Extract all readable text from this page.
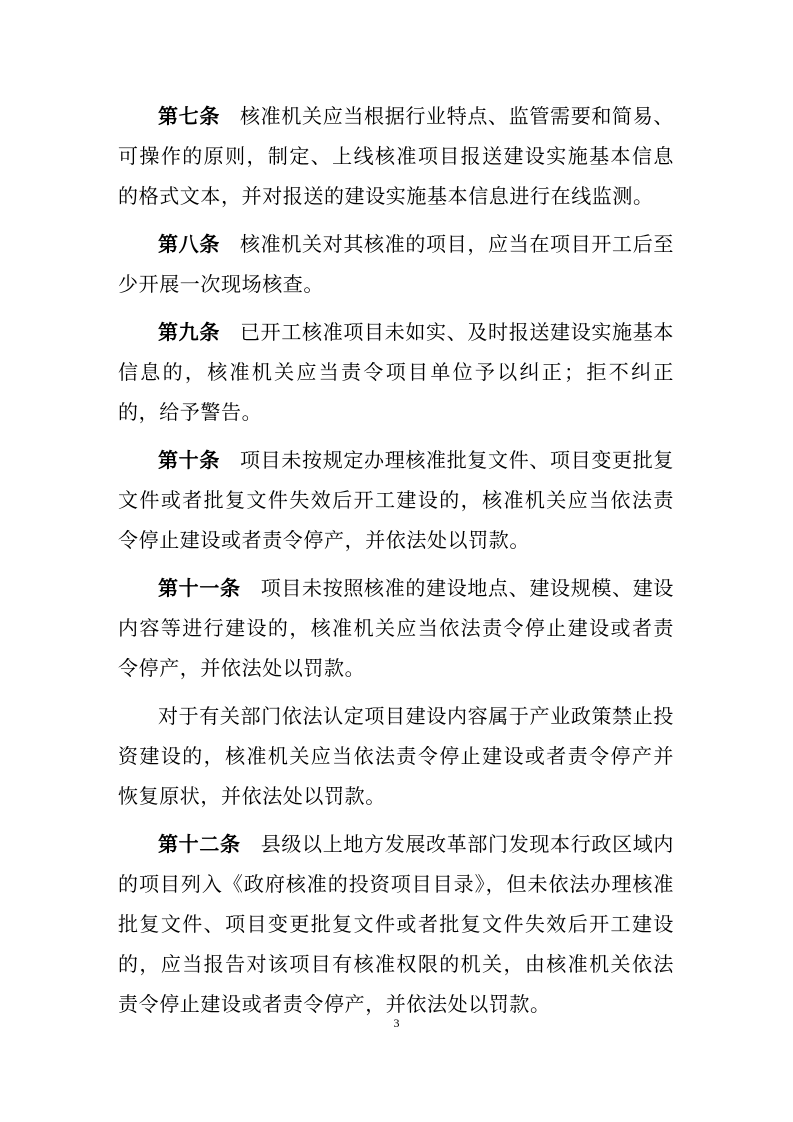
第七条 核准机关应当根据行业特点、监管需要和简易、可操作的原则，制定、上线核准项目报送建设实施基本信息的格式文本，并对报送的建设实施基本信息进行在线监测。

第八条 核准机关对其核准的项目，应当在项目开工后至少开展一次现场核查。

第九条 已开工核准项目未如实、及时报送建设实施基本信息的，核准机关应当责令项目单位予以纠正；拒不纠正的，给予警告。

第十条 项目未按规定办理核准批复文件、项目变更批复文件或者批复文件失效后开工建设的，核准机关应当依法责令停止建设或者责令停产，并依法处以罚款。

第十一条 项目未按照核准的建设地点、建设规模、建设内容等进行建设的，核准机关应当依法责令停止建设或者责令停产，并依法处以罚款。

对于有关部门依法认定项目建设内容属于产业政策禁止投资建设的，核准机关应当依法责令停止建设或者责令停产并恢复原状，并依法处以罚款。

第十二条 县级以上地方发展改革部门发现本行政区域内的项目列入《政府核准的投资项目目录》，但未依法办理核准批复文件、项目变更批复文件或者批复文件失效后开工建设的，应当报告对该项目有核准权限的机关，由核准机关依法责令停止建设或者责令停产，并依法处以罚款。

3
